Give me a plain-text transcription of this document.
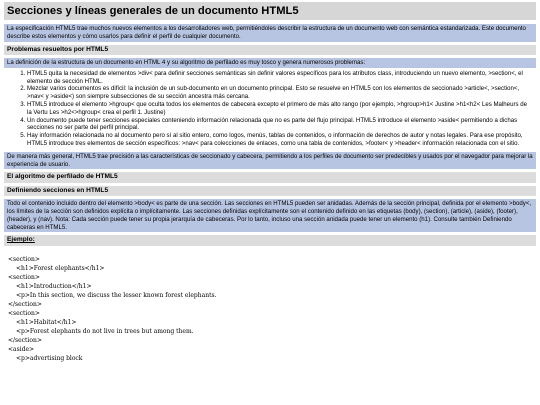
Secciones y líneas generales de un documento HTML5
La especificación HTML5 trae muchos nuevos elementos a los desarrolladores web, permitiéndoles describir la estructura de un documento web con semántica estandarizada. Este documento describe estos elementos y cómo usarlos para definir el perfil de cualquier documento.
Problemas resueltos por HTML5
La definición de la estructura de un documento en HTML 4 y su algoritmo de perfilado es muy tosco y genera numerosos problemas:
1. HTML5 quita la necesidad de elementos >div< para definir secciones semánticas sin definir valores específicos para los atributos class, introduciendo un nuevo elemento, >section<, el elemento de sección HTML.
2. Mezclar varios documentos es difícil: la inclusión de un sub-documento en un documento principal. Esto se resuelve en HTML5 con los elementos de seccionado >article<, >section<, >nav< y >aside<) son siempre subsecciones de su sección ancestra más cercana.
3. HTML5 introduce el elemento >hgroup< que oculta todos los elementos de cabecera excepto el primero de más alto rango (por ejemplo, >hgroup>h1< Justine >h1<h2< Les Malheurs de la Vertu Les >h2<>hgroup< crea el perfil 1. Justine)
4. Un documento puede tener secciones especiales conteniendo información relacionada que no es parte del flujo principal. HTML5 introduce el elemento >aside< permitiendo a dichas secciones no ser parte del perfil principal.
5. Hay información relacionada no al documento pero sí al sitio entero, como logos, menús, tablas de contenidos, o información de derechos de autor y notas legales. Para ese propósito, HTML5 introduce tres elementos de sección específicos: >nav< para colecciones de enlaces, como una tabla de contenidos, >footer< y >header< información relacionada con el sitio.
De manera más general, HTML5 trae precisión a las características de seccionado y cabecera, permitiendo a los perfiles de documento ser predecibles y usados por el navegador para mejorar la experiencia de usuario.
El algoritmo de perfilado de HTML5
Definiendo secciones en HTML5
Todo el contenido incluido dentro del elemento >body< es parte de una sección. Las secciones en HTML5 pueden ser anidadas. Además de la sección principal, definida por el elemento >body<, los límites de la sección son definidos explícita o implícitamente. Las secciones definidas explícitamente son el contenido definido en las etiquetas (body), (section), (article), (aside), (footer), (header), y (nav). Nota: Cada sección puede tener su propia jerarquía de cabeceras. Por lo tanto, incluso una sección anidada puede tener un elemento (h1). Consulte también Definiendo cabeceras en HTML5.
Ejemplo:
<section>
<h1>Forest elephants</h1>
<section>
<h1>Introduction</h1>
<p>In this section, we discuss the lesser known forest elephants.
</section>
<section>
<h1>Habitat</h1>
<p>Forest elephants do not live in trees but among them.
</section>
<aside>
<p>advertising block
